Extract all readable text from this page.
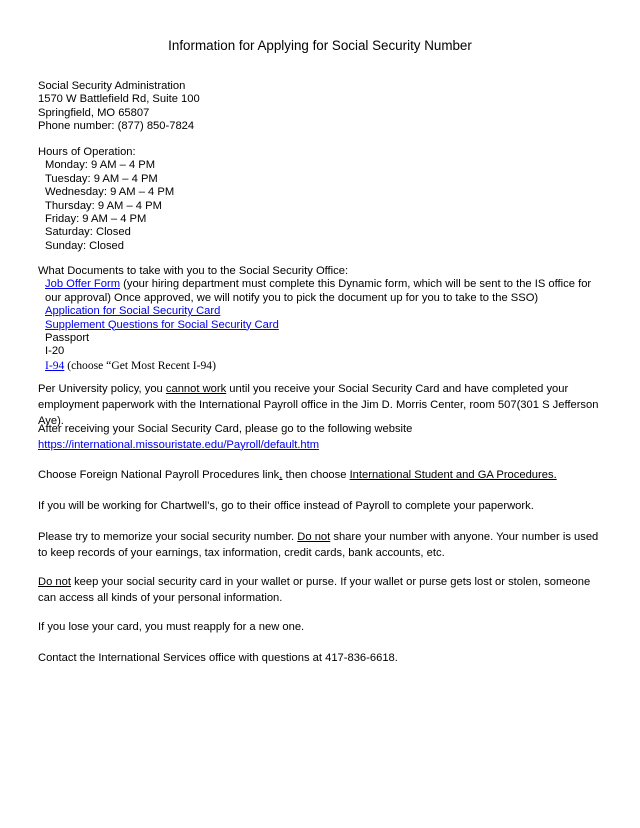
Information for Applying for Social Security Number
Social Security Administration
1570 W Battlefield Rd, Suite 100
Springfield, MO 65807
Phone number: (877) 850-7824
Hours of Operation:
Monday: 9 AM – 4 PM
Tuesday: 9 AM – 4 PM
Wednesday: 9 AM – 4 PM
Thursday: 9 AM – 4 PM
Friday: 9 AM – 4 PM
Saturday: Closed
Sunday: Closed
What Documents to take with you to the Social Security Office:
Job Offer Form (your hiring department must complete this Dynamic form, which will be sent to the IS office for our approval) Once approved, we will notify you to pick the document up for you to take to the SSO)
Application for Social Security Card
Supplement Questions for Social Security Card
Passport
I-20
I-94 (choose “Get Most Recent I-94)
Per University policy, you cannot work until you receive your Social Security Card and have completed your employment paperwork with the International Payroll office in the Jim D. Morris Center, room 507(301 S Jefferson Ave).
After receiving your Social Security Card, please go to the following website
https://international.missouristate.edu/Payroll/default.htm
Choose Foreign National Payroll Procedures link, then choose International Student and GA Procedures.
If you will be working for Chartwell’s, go to their office instead of Payroll to complete your paperwork.
Please try to memorize your social security number. Do not share your number with anyone. Your number is used to keep records of your earnings, tax information, credit cards, bank accounts, etc.
Do not keep your social security card in your wallet or purse. If your wallet or purse gets lost or stolen, someone can access all kinds of your personal information.
If you lose your card, you must reapply for a new one.
Contact the International Services office with questions at 417-836-6618.
